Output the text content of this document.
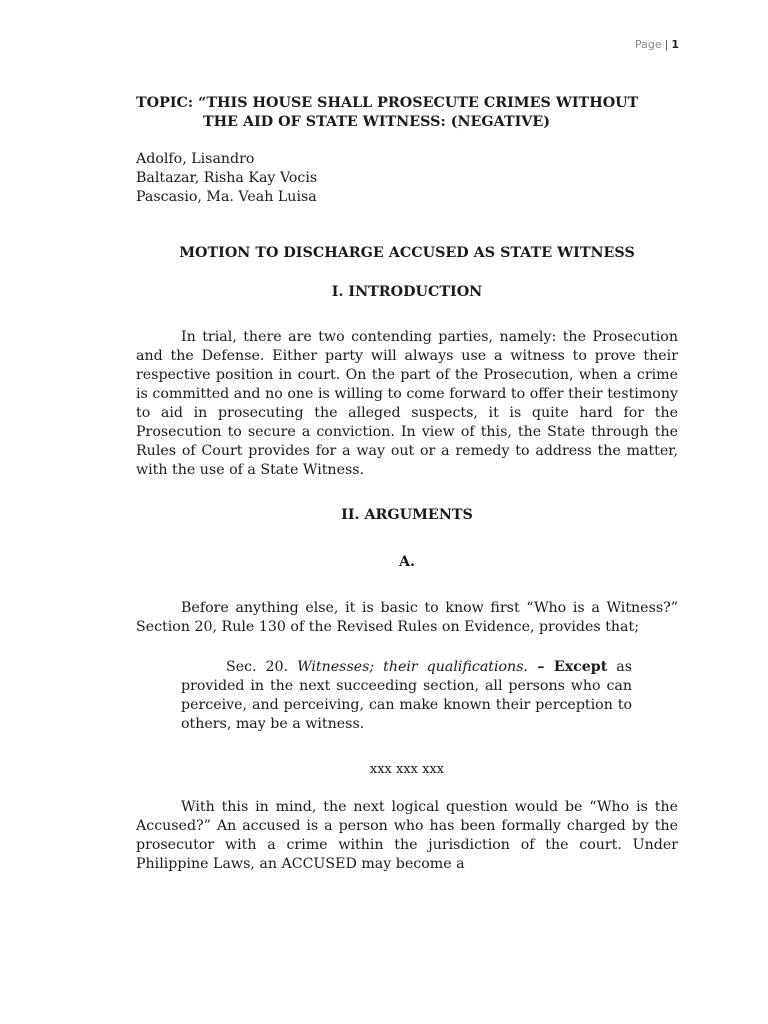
Page | 1
TOPIC: “THIS HOUSE SHALL PROSECUTE CRIMES WITHOUT
THE AID OF STATE WITNESS: (NEGATIVE)
Adolfo, Lisandro
Baltazar, Risha Kay Vocis
Pascasio, Ma. Veah Luisa
MOTION TO DISCHARGE ACCUSED AS STATE WITNESS
I. INTRODUCTION
In trial, there are two contending parties, namely: the Prosecution and the Defense. Either party will always use a witness to prove their respective position in court. On the part of the Prosecution, when a crime is committed and no one is willing to come forward to offer their testimony to aid in prosecuting the alleged suspects, it is quite hard for the Prosecution to secure a conviction. In view of this, the State through the Rules of Court provides for a way out or a remedy to address the matter, with the use of a State Witness.
II. ARGUMENTS
A.
Before anything else, it is basic to know first “Who is a Witness?” Section 20, Rule 130 of the Revised Rules on Evidence, provides that;
Sec. 20. Witnesses; their qualifications. – Except as provided in the next succeeding section, all persons who can perceive, and perceiving, can make known their perception to others, may be a witness.
xxx xxx xxx
With this in mind, the next logical question would be “Who is the Accused?” An accused is a person who has been formally charged by the prosecutor with a crime within the jurisdiction of the court. Under Philippine Laws, an ACCUSED may become a
